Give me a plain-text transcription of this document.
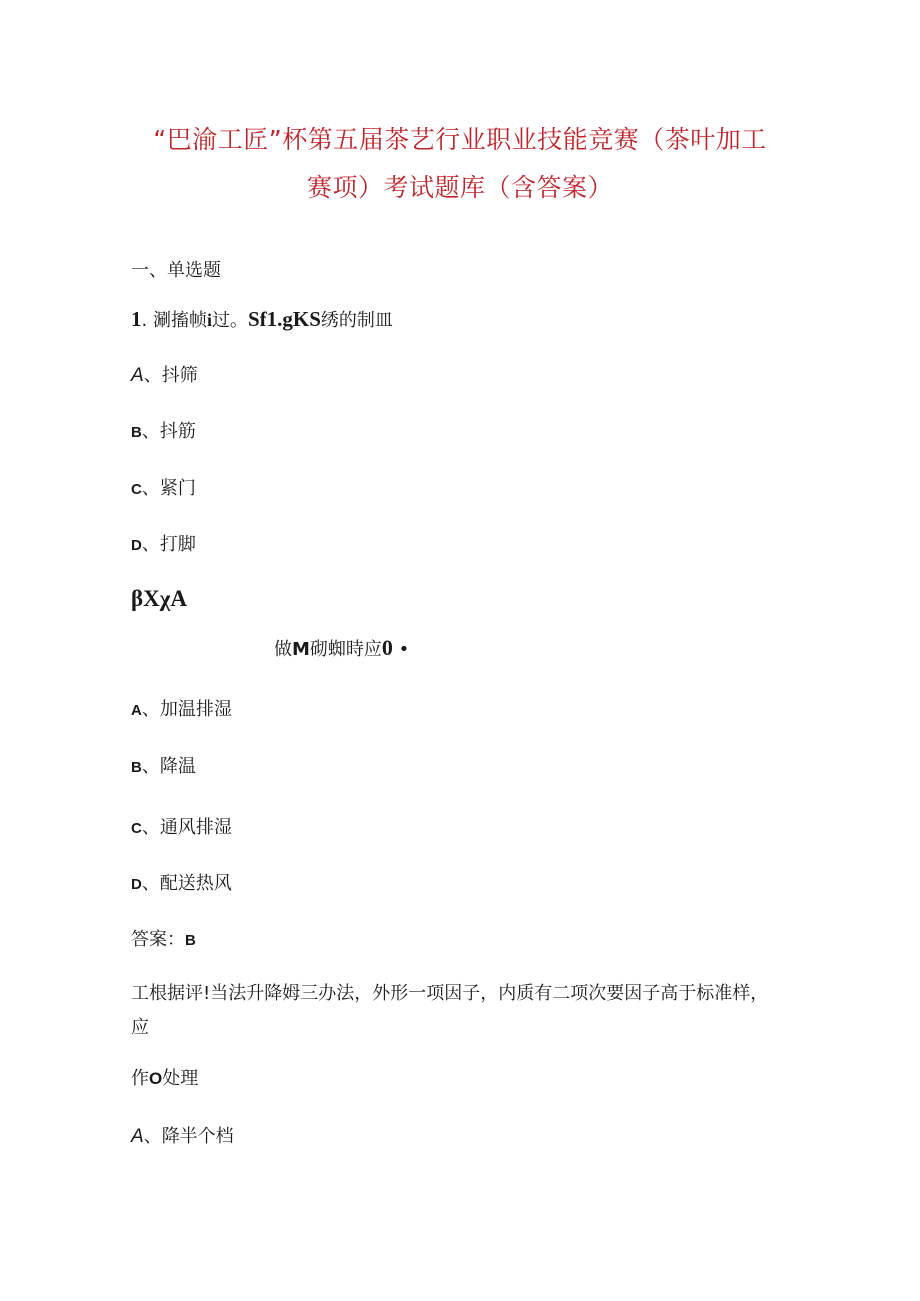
“巴渝工匠”杯第五届茶艺行业职业技能竞赛（茶叶加工
赛项）考试题库（含答案）
一、单选题
1. 涮搐帧i过。Sf1.gKS绣的制皿
A、抖筛
B、抖筋
C、紧门
D、打脚
βXχA
做M砌蜘時应0 •
A、加温排湿
B、降温
C、通风排湿
D、配送热风
答案：B
工根据评!当法升降姆三办法，外形一项因子，内质有二项次要因子高于标准样，应
作O处理
A、降半个档
